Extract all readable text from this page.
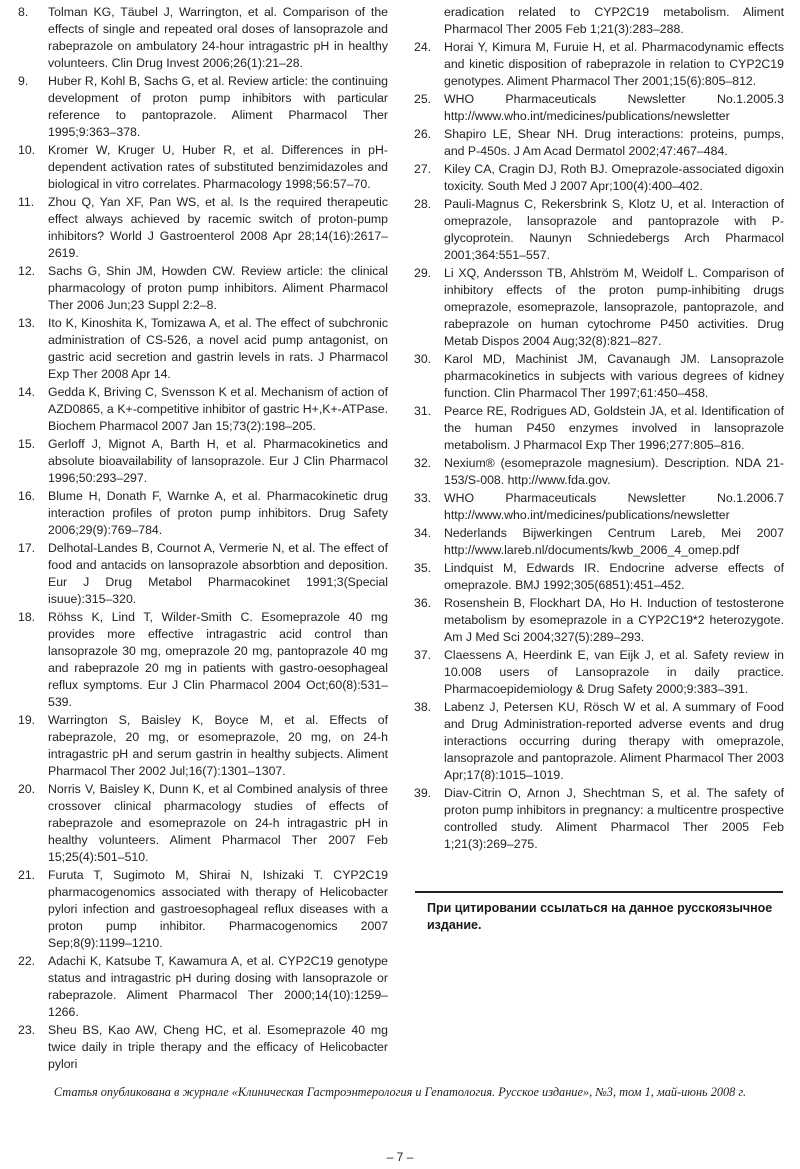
8. Tolman KG, Täubel J, Warrington, et al. Comparison of the effects of single and repeated oral doses of lansoprazole and rabeprazole on ambulatory 24-hour intragastric pH in healthy volunteers. Clin Drug Invest 2006;26(1):21–28.
9. Huber R, Kohl B, Sachs G, et al. Review article: the continuing development of proton pump inhibitors with particular reference to pantoprazole. Aliment Pharmacol Ther 1995;9:363–378.
10. Kromer W, Kruger U, Huber R, et al. Differences in pH-dependent activation rates of substituted benzimidazoles and biological in vitro correlates. Pharmacology 1998;56:57–70.
11. Zhou Q, Yan XF, Pan WS, et al. Is the required therapeutic effect always achieved by racemic switch of proton-pump inhibitors? World J Gastroenterol 2008 Apr 28;14(16):2617–2619.
12. Sachs G, Shin JM, Howden CW. Review article: the clinical pharmacology of proton pump inhibitors. Aliment Pharmacol Ther 2006 Jun;23 Suppl 2:2–8.
13. Ito K, Kinoshita K, Tomizawa A, et al. The effect of subchronic administration of CS-526, a novel acid pump antagonist, on gastric acid secretion and gastrin levels in rats. J Pharmacol Exp Ther 2008 Apr 14.
14. Gedda K, Briving C, Svensson K et al. Mechanism of action of AZD0865, a K+-competitive inhibitor of gastric H+,K+-ATPase. Biochem Pharmacol 2007 Jan 15;73(2):198–205.
15. Gerloff J, Mignot A, Barth H, et al. Pharmacokinetics and absolute bioavailability of lansoprazole. Eur J Clin Pharmacol 1996;50:293–297.
16. Blume H, Donath F, Warnke A, et al. Pharmacokinetic drug interaction profiles of proton pump inhibitors. Drug Safety 2006;29(9):769–784.
17. Delhotal-Landes B, Cournot A, Vermerie N, et al. The effect of food and antacids on lansoprazole absorbtion and deposition. Eur J Drug Metabol Pharmacokinet 1991;3(Special isuue):315–320.
18. Röhss K, Lind T, Wilder-Smith C. Esomeprazole 40 mg provides more effective intragastric acid control than lansoprazole 30 mg, omeprazole 20 mg, pantoprazole 40 mg and rabeprazole 20 mg in patients with gastro-oesophageal reflux symptoms. Eur J Clin Pharmacol 2004 Oct;60(8):531–539.
19. Warrington S, Baisley K, Boyce M, et al. Effects of rabeprazole, 20 mg, or esomeprazole, 20 mg, on 24-h intragastric pH and serum gastrin in healthy subjects. Aliment Pharmacol Ther 2002 Jul;16(7):1301–1307.
20. Norris V, Baisley K, Dunn K, et al Combined analysis of three crossover clinical pharmacology studies of effects of rabeprazole and esomeprazole on 24-h intragastric pH in healthy volunteers. Aliment Pharmacol Ther 2007 Feb 15;25(4):501–510.
21. Furuta T, Sugimoto M, Shirai N, Ishizaki T. CYP2C19 pharmacogenomics associated with therapy of Helicobacter pylori infection and gastroesophageal reflux diseases with a proton pump inhibitor. Pharmacogenomics 2007 Sep;8(9):1199–1210.
22. Adachi K, Katsube T, Kawamura A, et al. CYP2C19 genotype status and intragastric pH during dosing with lansoprazole or rabeprazole. Aliment Pharmacol Ther 2000;14(10):1259–1266.
23. Sheu BS, Kao AW, Cheng HC, et al. Esomeprazole 40 mg twice daily in triple therapy and the efficacy of Helicobacter pylori
eradication related to CYP2C19 metabolism. Aliment Pharmacol Ther 2005 Feb 1;21(3):283–288.
24. Horai Y, Kimura M, Furuie H, et al. Pharmacodynamic effects and kinetic disposition of rabeprazole in relation to CYP2C19 genotypes. Aliment Pharmacol Ther 2001;15(6):805–812.
25. WHO Pharmaceuticals Newsletter No.1.2005.3 http://www.who.int/medicines/publications/newsletter
26. Shapiro LE, Shear NH. Drug interactions: proteins, pumps, and P-450s. J Am Acad Dermatol 2002;47:467–484.
27. Kiley CA, Cragin DJ, Roth BJ. Omeprazole-associated digoxin toxicity. South Med J 2007 Apr;100(4):400–402.
28. Pauli-Magnus C, Rekersbrink S, Klotz U, et al. Interaction of omeprazole, lansoprazole and pantoprazole with P-glycoprotein. Naunyn Schniedebergs Arch Pharmacol 2001;364:551–557.
29. Li XQ, Andersson TB, Ahlström M, Weidolf L. Comparison of inhibitory effects of the proton pump-inhibiting drugs omeprazole, esomeprazole, lansoprazole, pantoprazole, and rabeprazole on human cytochrome P450 activities. Drug Metab Dispos 2004 Aug;32(8):821–827.
30. Karol MD, Machinist JM, Cavanaugh JM. Lansoprazole pharmacokinetics in subjects with various degrees of kidney function. Clin Pharmacol Ther 1997;61:450–458.
31. Pearce RE, Rodrigues AD, Goldstein JA, et al. Identification of the human P450 enzymes involved in lansoprazole metabolism. J Pharmacol Exp Ther 1996;277:805–816.
32. Nexium® (esomeprazole magnesium). Description. NDA 21-153/S-008. http://www.fda.gov.
33. WHO Pharmaceuticals Newsletter No.1.2006.7 http://www.who.int/medicines/publications/newsletter
34. Nederlands Bijwerkingen Centrum Lareb, Mei 2007 http://www.lareb.nl/documents/kwb_2006_4_omep.pdf
35. Lindquist M, Edwards IR. Endocrine adverse effects of omeprazole. BMJ 1992;305(6851):451–452.
36. Rosenshein B, Flockhart DA, Ho H. Induction of testosterone metabolism by esomeprazole in a CYP2C19*2 heterozygote. Am J Med Sci 2004;327(5):289–293.
37. Claessens A, Heerdink E, van Eijk J, et al. Safety review in 10.008 users of Lansoprazole in daily practice. Pharmacoepidemiology & Drug Safety 2000;9:383–391.
38. Labenz J, Petersen KU, Rösch W et al. A summary of Food and Drug Administration-reported adverse events and drug interactions occurring during therapy with omeprazole, lansoprazole and pantoprazole. Aliment Pharmacol Ther 2003 Apr;17(8):1015–1019.
39. Diav-Citrin O, Arnon J, Shechtman S, et al. The safety of proton pump inhibitors in pregnancy: a multicentre prospective controlled study. Aliment Pharmacol Ther 2005 Feb 1;21(3):269–275.
При цитировании ссылаться на данное русскоязычное издание.
Статья опубликована в журнале «Клиническая Гастроэнтерология и Гепатология. Русское издание», №3, том 1, май-июнь 2008 г.
– 7 –
